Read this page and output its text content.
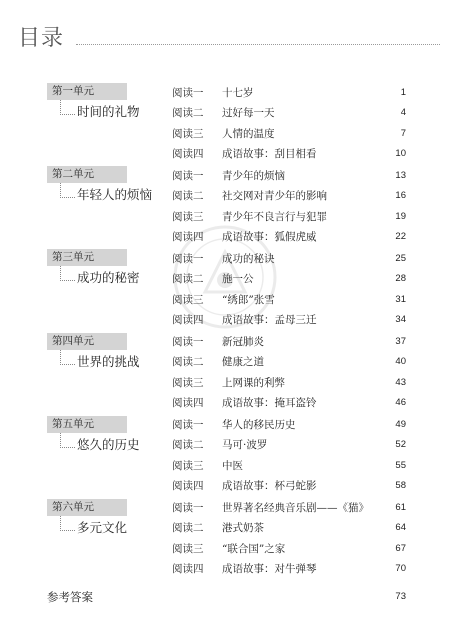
目录
第一单元
时间的礼物
阅读一 十七岁	1
阅读二 过好每一天	4
阅读三 人情的温度	7
阅读四 成语故事：刮目相看	10
第二单元
年轻人的烦恼
阅读一 青少年的烦恼	13
阅读二 社交网对青少年的影响	16
阅读三 青少年不良言行与犯罪	19
阅读四 成语故事：狐假虎威	22
第三单元
成功的秘密
阅读一 成功的秘诀	25
阅读二 施一公	28
阅读三 “绣郎”张雪	31
阅读四 成语故事：孟母三迁	34
第四单元
世界的挑战
阅读一 新冠肺炎	37
阅读二 健康之道	40
阅读三 上网课的利弊	43
阅读四 成语故事：掩耳盗铃	46
第五单元
悠久的历史
阅读一 华人的移民历史	49
阅读二 马可·波罗	52
阅读三 中医	55
阅读四 成语故事：杯弓蛇影	58
第六单元
多元文化
阅读一 世界著名经典音乐剧——《猫》	61
阅读二 港式奶茶	64
阅读三 “联合国”之家	67
阅读四 成语故事：对牛弹琴	70
参考答案	73
